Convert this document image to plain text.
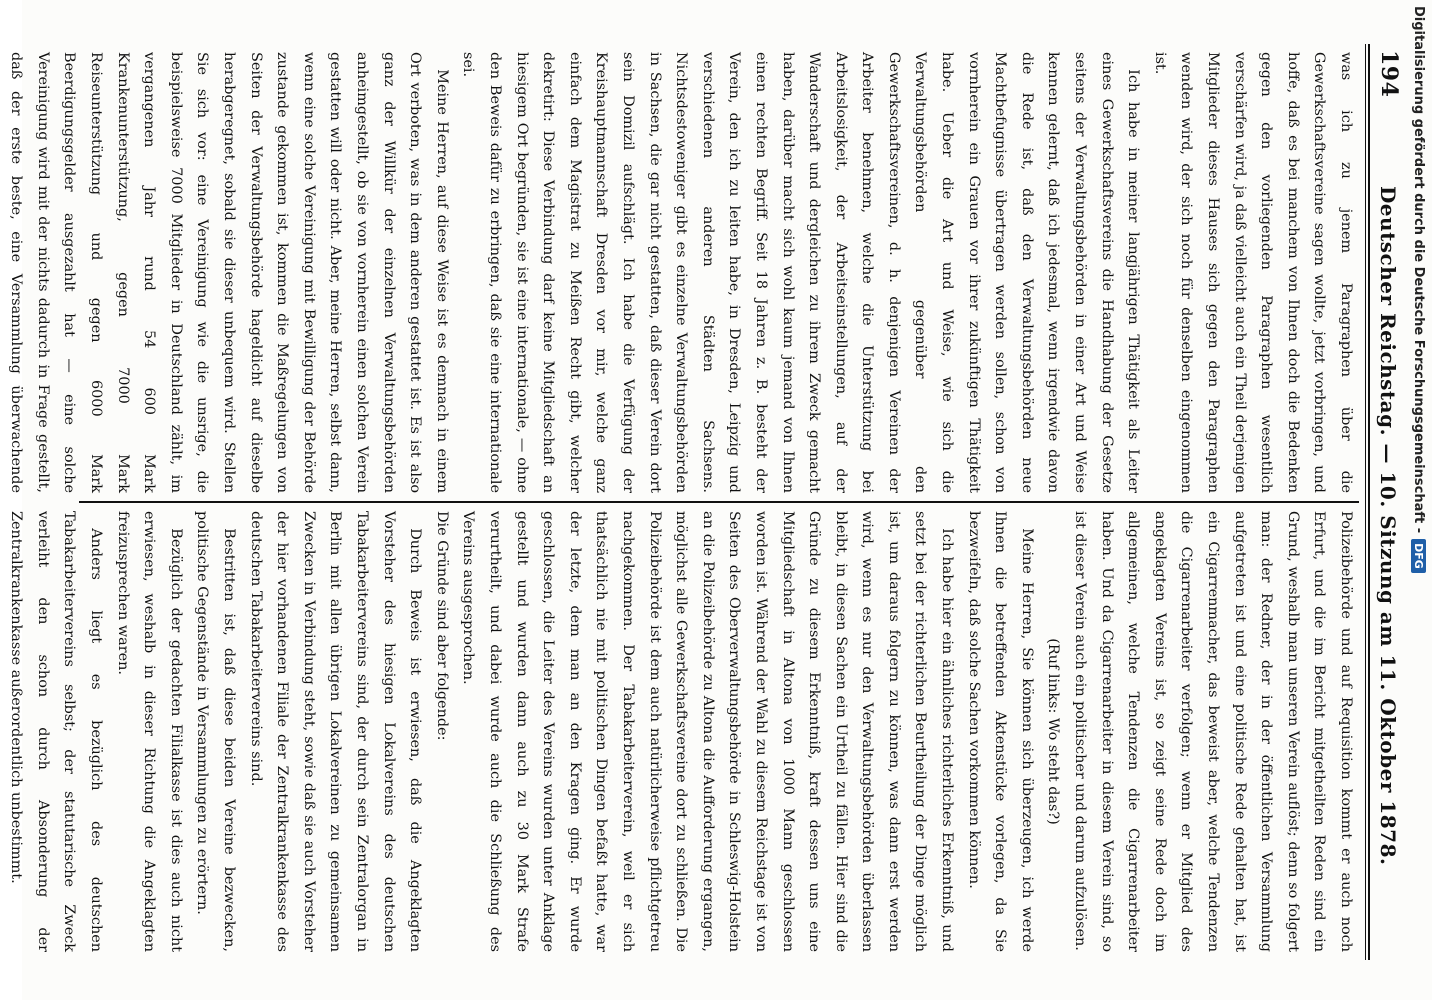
194
Deutscher Reichstag. — 10. Sitzung am 11. Oktober 1878.

was ich zu jenem Paragraphen über die Gewerkschaftsvereine sagen wollte, jetzt vorbringen, und hoffe, daß es bei manchem von Ihnen doch die Bedenken gegen den vorliegenden Paragraphen wesentlich verschärfen wird, ja daß vielleicht auch ein Theil derjenigen Mitglieder dieses Hauses sich gegen den Paragraphen wenden wird, der sich noch für denselben eingenommen ist.

Ich habe in meiner langjährigen Thätigkeit als Leiter eines Gewerkschaftsvereins die Handhabung der Gesetze seitens der Verwaltungsbehörden in einer Art und Weise kennen gelernt, daß ich jedesmal, wenn irgendwie davon die Rede ist, daß den Verwaltungsbehörden neue Machtbefugnisse übertragen werden sollen, schon von vornherein ein Grauen vor ihrer zukünftigen Thätigkeit habe. Ueber die Art und Weise, wie sich die Verwaltungsbehörden gegenüber den Gewerkschaftsvereinen, d. h. denjenigen Vereinen der Arbeiter benehmen, welche die Unterstützung bei Arbeitslosigkeit, der Arbeitseinstellungen, auf der Wanderschaft und dergleichen zu ihrem Zweck gemacht haben, darüber macht sich wohl kaum jemand von Ihnen einen rechten Begriff. Seit 18 Jahren z. B. besteht der Verein, den ich zu leiten habe, in Dresden, Leipzig und verschiedenen anderen Städten Sachsens. Nichtsdestoweniger gibt es einzelne Verwaltungsbehörden in Sachsen, die gar nicht gestatten, daß dieser Verein dort sein Domizil aufschlägt. Ich habe die Verfügung der Kreishauptmannschaft Dresden vor mir, welche ganz einfach dem Magistrat zu Meißen Recht gibt, welcher dekretirt: Diese Verbindung darf keine Mitgliedschaft an hiesigem Ort begründen, sie ist eine internationale, — ohne den Beweis dafür zu erbringen, daß sie eine internationale sei.

Meine Herren, auf diese Weise ist es demnach in einem Ort verboten, was in dem anderen gestattet ist. Es ist also ganz der Willkür der einzelnen Verwaltungsbehörden anheimgestellt, ob sie von vornherein einen solchen Verein gestatten will oder nicht. Aber, meine Herren, selbst dann, wenn eine solche Vereinigung mit Bewilligung der Behörde zustande gekommen ist, kommen die Maßregelungen von Seiten der Verwaltungsbehörde hageldicht auf dieselbe herabgeregnet, sobald sie dieser unbequem wird. Stellen Sie sich vor: eine Vereinigung wie die unsrige, die beispielsweise 7000 Mitglieder in Deutschland zählt, im vergangenen Jahr rund 54 600 Mark Krankenunterstützung, gegen 7000 Mark Reiseunterstützung und gegen 6000 Mark Beerdigungsgelder ausgezahlt hat — eine solche Vereinigung wird mit der nichts dadurch in Frage gestellt, daß der erste beste, eine Versammlung überwachende

Polizeibehörde und auf Requisition kommt er auch noch Erfurt, und die im Bericht mitgetheilten Reden sind ein Grund, weshalb man unseren Verein auflöst; denn so folgert man: der Redner, der in der öffentlichen Versammlung aufgetreten ist und eine politische Rede gehalten hat, ist ein Cigarrenmacher, das beweist aber, welche Tendenzen die Cigarrenarbeiter verfolgen; wenn er Mitglied des angeklagten Vereins ist, so zeigt seine Rede doch im allgemeinen, welche Tendenzen die Cigarrenarbeiter haben. Und da Cigarrenarbeiter in diesem Verein sind, so ist dieser Verein auch ein politischer und darum aufzulösen.

(Ruf links: Wo steht das?)

Meine Herren, Sie können sich überzeugen, ich werde Ihnen die betreffenden Aktenstücke vorlegen, da Sie bezweifeln, daß solche Sachen vorkommen können.

Ich habe hier ein ähnliches richterliches Erkenntniß, und setzt bei der richterlichen Beurtheilung der Dinge möglich ist, um daraus folgern zu können, was dann erst werden wird, wenn es nur den Verwaltungsbehörden überlassen bleibt, in diesen Sachen ein Urtheil zu fällen. Hier sind die Gründe zu diesem Erkenntniß, kraft dessen uns eine Mitgliedschaft in Altona von 1000 Mann geschlossen worden ist. Während der Wahl zu diesem Reichstage ist von Seiten des Oberverwaltungsbehörde in Schleswig-Holstein an die Polizeibehörde zu Altona die Aufforderung ergangen, möglichst alle Gewerkschaftsvereine dort zu schließen. Die Polizeibehörde ist dem auch natürlicherweise pflichtgetreu nachgekommen. Der Tabakarbeiterverein, weil er sich thatsächlich nie mit politischen Dingen befaßt hatte, war der letzte, dem man an den Kragen ging. Er wurde geschlossen, die Leiter des Vereins wurden unter Anklage gestellt und wurden dann auch zu 30 Mark Strafe verurtheilt, und dabei wurde auch die Schließung des Vereins ausgesprochen.

Die Gründe sind aber folgende:

Durch Beweis ist erwiesen, daß die Angeklagten Vorsteher des hiesigen Lokalvereins des deutschen Tabakarbeitervereins sind, der durch sein Zentralorgan in Berlin mit allen übrigen Lokalvereinen zu gemeinsamen Zwecken in Verbindung steht, sowie daß sie auch Vorsteher der hier vorhandenen Filiale der Zentralkrankenkasse des deutschen Tabakarbeitervereins sind.

Bestritten ist, daß diese beiden Vereine bezwecken, politische Gegenstände in Versammlungen zu erörtern.

Bezüglich der gedachten Filialkasse ist dies auch nicht erwiesen, weshalb in dieser Richtung die Angeklagten freizusprechen waren.

Anders liegt es bezüglich des deutschen Tabakarbeitervereins selbst; der statutarische Zweck verleiht den schon durch Absonderung der Zentralkrankenkasse außerordentlich unbestimmt.

Digitalisierung gefördert durch die Deutsche Forschungsgemeinschaft -
DFG
